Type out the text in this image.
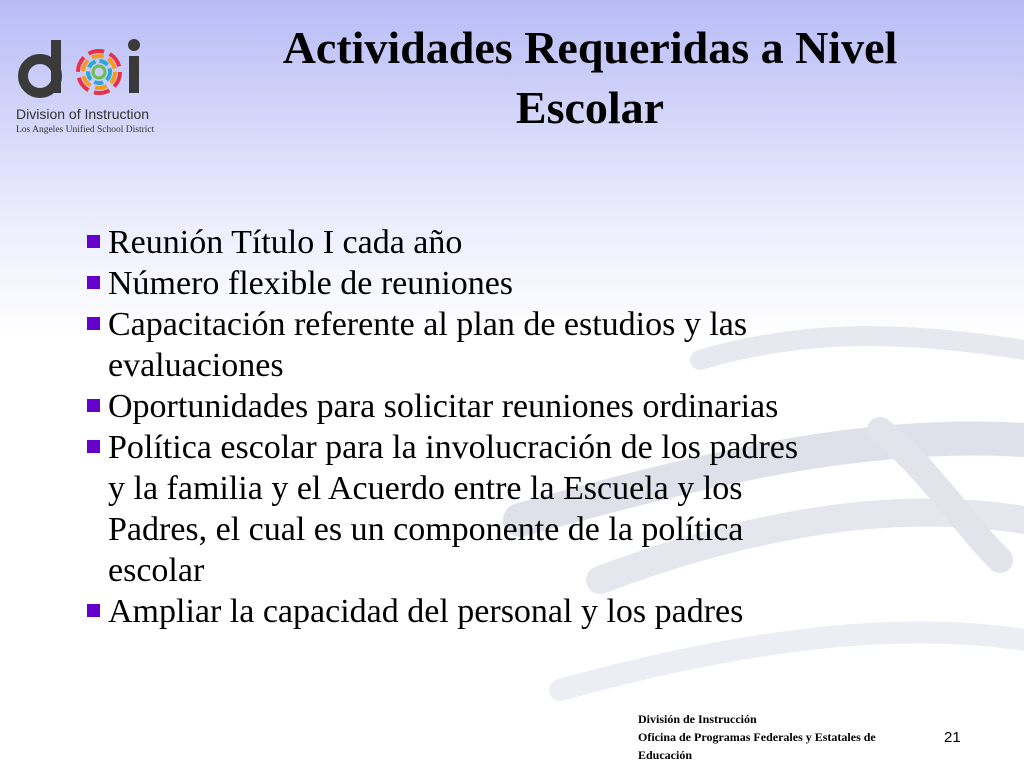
Division of Instruction
Los Angeles Unified School District
Actividades Requeridas a Nivel
Escolar
Reunión Título I cada año
Número flexible de reuniones
Capacitación referente al plan de estudios y las
evaluaciones
Oportunidades para solicitar reuniones ordinarias
Política escolar para la involucración de los padres
y la familia y el Acuerdo entre la Escuela y los
Padres, el cual es un componente de la política
escolar
Ampliar la capacidad del personal y los padres
División de Instrucción
Oficina de Programas Federales y Estatales de
Educación
21
